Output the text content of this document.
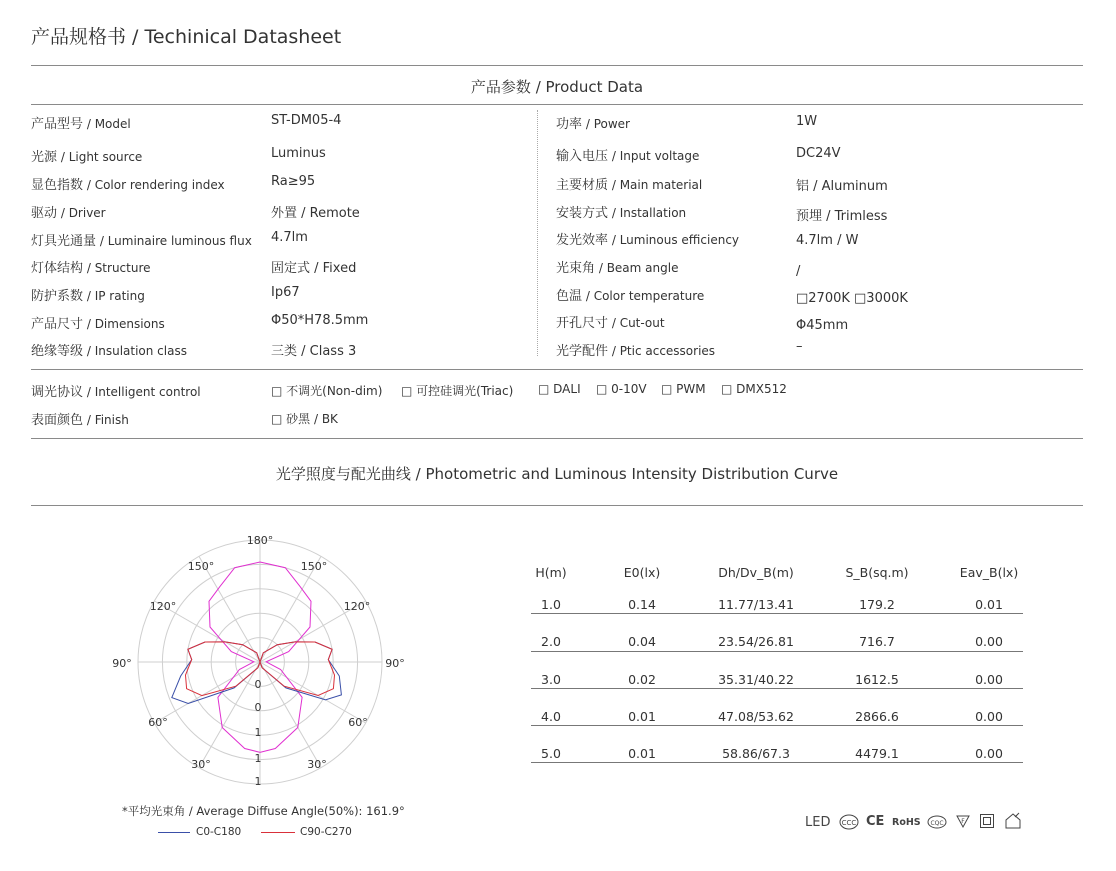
产品规格书 / Techinical Datasheet
产品参数 / Product Data
产品型号 / Model	ST-DM05-4
光源 / Light source	Luminus
显色指数 / Color rendering index	Ra≥95
驱动 / Driver	外置 / Remote
灯具光通量 / Luminaire luminous flux 4.7lm
灯体结构 / Structure	固定式 / Fixed
防护系数 / IP rating	Ip67
产品尺寸 / Dimensions	Φ50*H78.5mm
绝缘等级 / Insulation class	三类 / Class 3
功率 / Power	1W
输入电压 / Input voltage	DC24V
主要材质 / Main material	铝 / Aluminum
安装方式 / Installation	预埋 / Trimless
发光效率 / Luminous efficiency	4.7lm / W
光束角 / Beam angle	/
色温 / Color temperature	□2700K □3000K
开孔尺寸 / Cut-out	Φ45mm
光学配件 / Ptic accessories	–
调光协议 / Intelligent control	□ 不调光(Non-dim) □ 可控硅调光(Triac) □ DALI □ 0-10V □ PWM □ DMX512
表面颜色 / Finish	□ 砂黑 / BK
光学照度与配光曲线 / Photometric and Luminous Intensity Distribution Curve
180°
150°	150°
120°	120°
90°	90°
60°	60°
30°	30°
0
0
1
1
1
*平均光束角 / Average Diffuse Angle(50%): 161.9°
C0-C180	C90-C270
H(m)	E0(lx)	Dh/Dv_B(m)	S_B(sq.m)	Eav_B(lx)
1.0	0.14	11.77/13.41	179.2	0.01
2.0	0.04	23.54/26.81	716.7	0.00
3.0	0.02	35.31/40.22	1612.5	0.00
4.0	0.01	47.08/53.62	2866.6	0.00
5.0	0.01	58.86/67.3	4479.1	0.00
LED CCC CE RoHS CQC	F
